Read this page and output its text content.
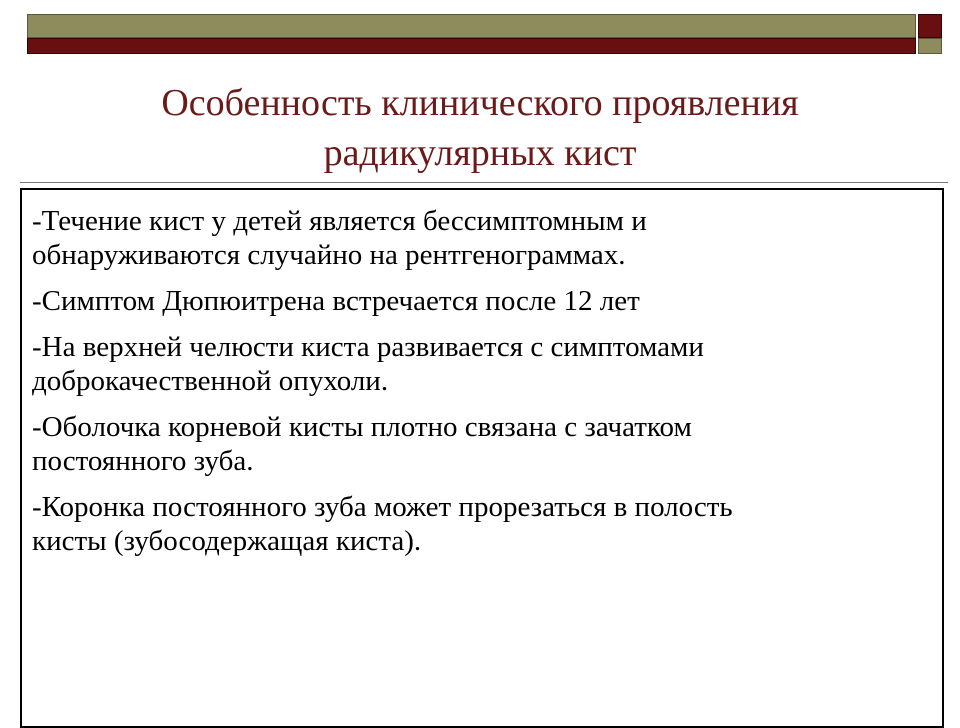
Особенность клинического проявления
радикулярных кист
-Течение кист у детей является бессимптомным и
обнаруживаются случайно на рентгенограммах.
-Симптом Дюпюитрена встречается после 12 лет
-На верхней челюсти киста развивается с симптомами
доброкачественной опухоли.
-Оболочка корневой кисты плотно связана с зачатком
постоянного зуба.
-Коронка постоянного зуба может прорезаться в полость
кисты (зубосодержащая киста).
